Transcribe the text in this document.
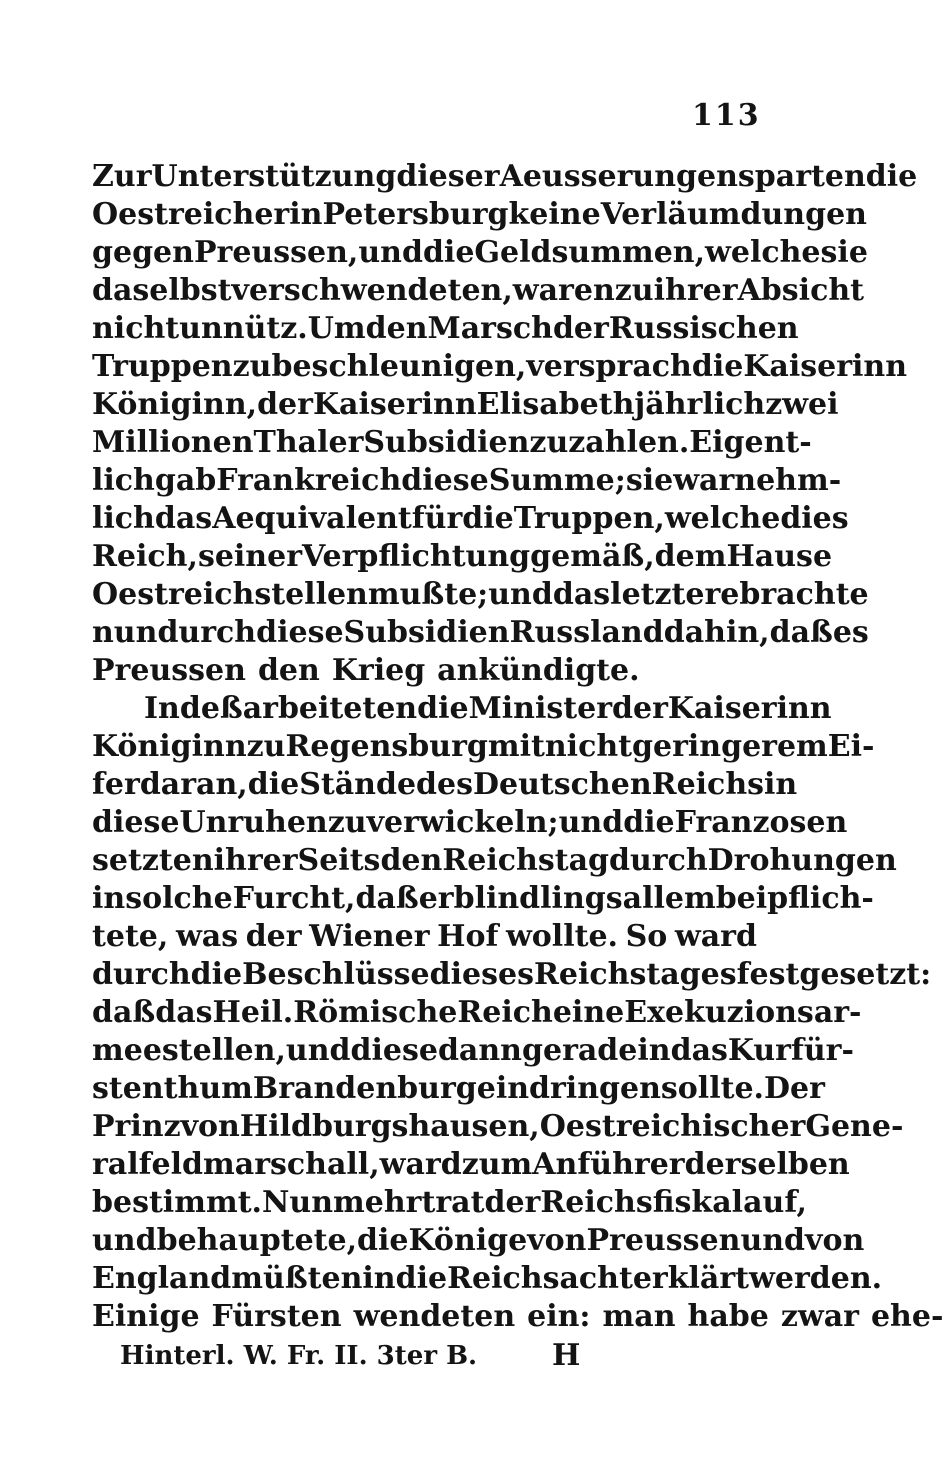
113
Zur Unterstützung dieser Aeusserungen sparten die
Oestreicher in Petersburg keine Verläumdungen
gegen Preussen, und die Geldsummen, welche sie
daselbst verschwendeten, waren zu ihrer Absicht
nicht unnütz. Um den Marsch der Russischen
Truppen zu beschleunigen, versprach die Kaiserinn
Königinn, der Kaiserinn Elisabeth jährlich zwei
Millionen Thaler Subsidien zu zahlen. Eigent-
lich gab Frankreich diese Summe; sie war nehm-
lich das Aequivalent für die Truppen, welche dies
Reich, seiner Verpflichtung gemäß, dem Hause
Oestreich stellen mußte; und das letztere brachte
nun durch diese Subsidien Russland dahin, daß es
Preussen den Krieg ankündigte.
Indeß arbeiteten die Minister der Kaiserinn
Königinn zu Regensburg mit nicht geringerem Ei-
fer daran, die Stände des Deutschen Reichs in
diese Unruhen zu verwickeln; und die Franzosen
setzten ihrer Seits den Reichstag durch Drohungen
in solche Furcht, daß er blindlings allem beipflich-
tete, was der Wiener Hof wollte. So ward
durch die Beschlüsse dieses Reichstages festgesetzt:
daß das Heil. Römische Reich eine Exekuzionsar-
mee stellen, und diese dann gerade in das Kurfür-
stenthum Brandenburg eindringen sollte. Der
Prinz von Hildburgshausen, Oestreichischer Gene-
ralfeldmarschall, ward zum Anführer derselben
bestimmt. Nunmehr trat der Reichsfiskal auf,
und behauptete, die Könige von Preussen und von
England müßten in die Reichsacht erklärt werden.
Einige Fürsten wendeten ein: man habe zwar ehe-
Hinterl. W. Fr. II. 3ter B. H
